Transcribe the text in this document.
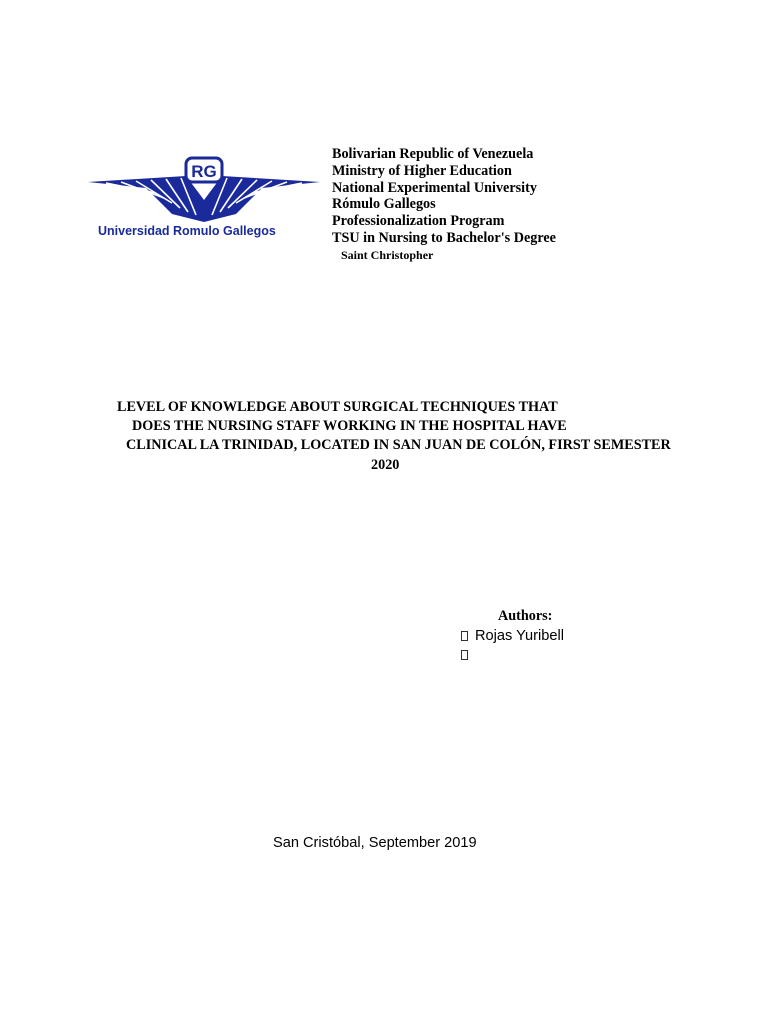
RG
Universidad Romulo Gallegos
Bolivarian Republic of Venezuela
Ministry of Higher Education
National Experimental University
Rómulo Gallegos
Professionalization Program
TSU in Nursing to Bachelor's Degree
Saint Christopher
LEVEL OF KNOWLEDGE ABOUT SURGICAL TECHNIQUES THAT
DOES THE NURSING STAFF WORKING IN THE HOSPITAL HAVE
CLINICAL LA TRINIDAD, LOCATED IN SAN JUAN DE COLÓN, FIRST SEMESTER
2020
Authors:
Rojas Yuribell
San Cristóbal, September 2019
